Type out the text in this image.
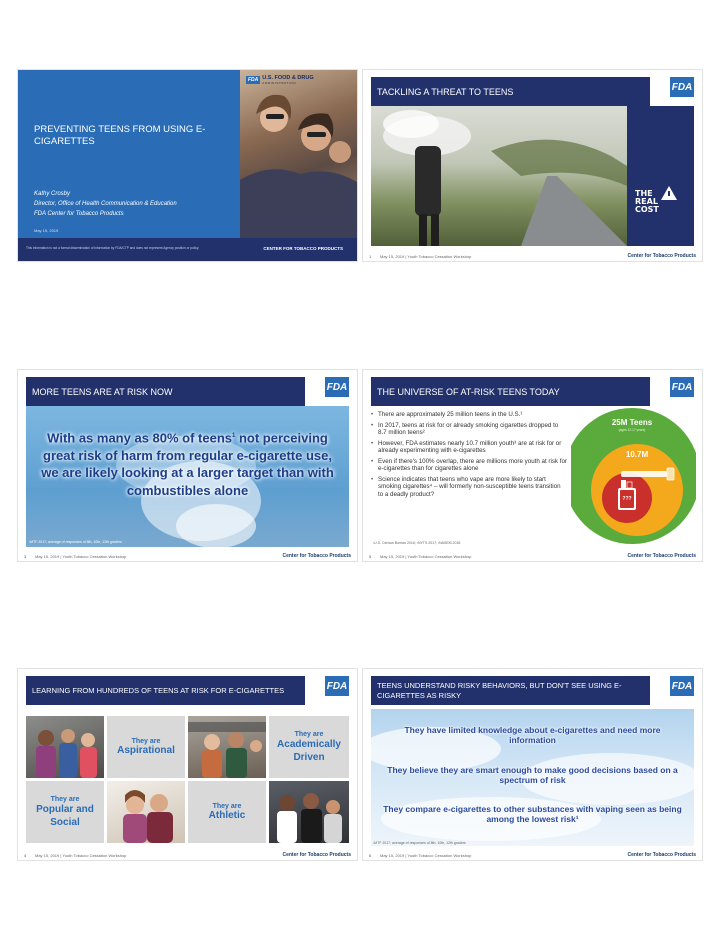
PREVENTING TEENS FROM USING E-CIGARETTES
Kathy Crosby
Director, Office of Health Communication & Education
FDA Center for Tobacco Products
May 15, 2019
FDA U.S. FOOD & DRUG
ADMINISTRATION
This information is not a formal dissemination of information by FDA/CTP and does not represent Agency position or policy.	CENTER FOR TOBACCO PRODUCTS
TACKLING A THREAT TO TEENS	FDA
THE
REAL
COST
1 May 15, 2019 | Youth Tobacco Cessation Workshop	Center for Tobacco Products
MORE TEENS ARE AT RISK NOW	FDA
With as many as 80% of teens$^1$ not perceiving great risk of harm from regular e-cigarette use, we are likely looking at a larger target than with combustibles alone
¹MTF 2017; average of responses of 8th, 10th, 12th graders
3 May 15, 2019 | Youth Tobacco Cessation Workshop	Center for Tobacco Products
THE UNIVERSE OF AT-RISK TEENS TODAY	FDA
• There are approximately 25 million teens in the U.S.¹
• In 2017, teens at risk for or already smoking cigarettes dropped to 8.7 million teens²
• However, FDA estimates nearly 10.7 million youth³ are at risk for or already experimenting with e-cigarettes
• Even if there's 100% overlap, there are millions more youth at risk for e-cigarettes than for cigarettes alone
• Science indicates that teens who vape are more likely to start smoking cigarettes⁴ – will formerly non-susceptible teens transition to a deadly product?
¹U.S. Census Bureau 2016; ²NYTS 2017; ³NASEM 2018
25M Teens
(ages 12-17 years)
10.7M
???
5 May 15, 2019 | Youth Tobacco Cessation Workshop	Center for Tobacco Products
LEARNING FROM HUNDREDS OF TEENS AT RISK FOR E-CIGARETTES	FDA
They are
Aspirational
They are
Academically Driven
They are
Popular and Social
They are
Athletic
4 May 15, 2019 | Youth Tobacco Cessation Workshop	Center for Tobacco Products
TEENS UNDERSTAND RISKY BEHAVIORS, BUT DON'T SEE USING E-CIGARETTES AS RISKY
FDA
They have limited knowledge about e-cigarettes and need more information
They believe they are smart enough to make good decisions based on a spectrum of risk
They compare e-cigarettes to other substances with vaping seen as being among the lowest risk¹
¹MTF 2017; average of responses of 8th, 10th, 12th graders
6 May 15, 2019 | Youth Tobacco Cessation Workshop	Center for Tobacco Products
